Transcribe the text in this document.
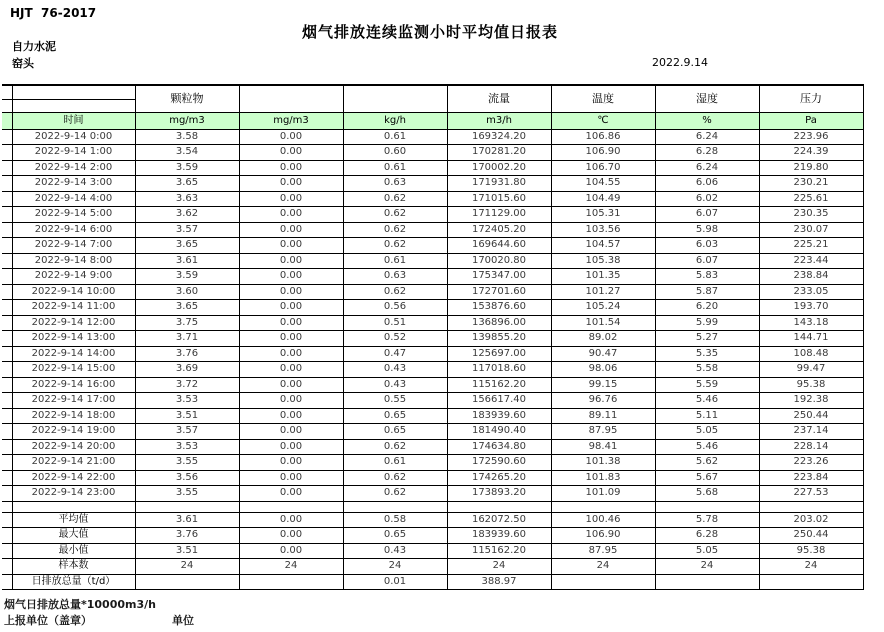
HJT  76-2017
烟气排放连续监测小时平均值日报表
自力水泥
窑头	2022.9.14
		颗粒物			流量	温度	湿度	压力

	时间	mg/m3	mg/m3	kg/h	m3/h	℃	%	Pa
	2022-9-14 0:00	3.58	0.00	0.61	169324.20	106.86	6.24	223.96
	2022-9-14 1:00	3.54	0.00	0.60	170281.20	106.90	6.28	224.39
	2022-9-14 2:00	3.59	0.00	0.61	170002.20	106.70	6.24	219.80
	2022-9-14 3:00	3.65	0.00	0.63	171931.80	104.55	6.06	230.21
	2022-9-14 4:00	3.63	0.00	0.62	171015.60	104.49	6.02	225.61
	2022-9-14 5:00	3.62	0.00	0.62	171129.00	105.31	6.07	230.35
	2022-9-14 6:00	3.57	0.00	0.62	172405.20	103.56	5.98	230.07
	2022-9-14 7:00	3.65	0.00	0.62	169644.60	104.57	6.03	225.21
	2022-9-14 8:00	3.61	0.00	0.61	170020.80	105.38	6.07	223.44
	2022-9-14 9:00	3.59	0.00	0.63	175347.00	101.35	5.83	238.84
	2022-9-14 10:00	3.60	0.00	0.62	172701.60	101.27	5.87	233.05
	2022-9-14 11:00	3.65	0.00	0.56	153876.60	105.24	6.20	193.70
	2022-9-14 12:00	3.75	0.00	0.51	136896.00	101.54	5.99	143.18
	2022-9-14 13:00	3.71	0.00	0.52	139855.20	89.02	5.27	144.71
	2022-9-14 14:00	3.76	0.00	0.47	125697.00	90.47	5.35	108.48
	2022-9-14 15:00	3.69	0.00	0.43	117018.60	98.06	5.58	99.47
	2022-9-14 16:00	3.72	0.00	0.43	115162.20	99.15	5.59	95.38
	2022-9-14 17:00	3.53	0.00	0.55	156617.40	96.76	5.46	192.38
	2022-9-14 18:00	3.51	0.00	0.65	183939.60	89.11	5.11	250.44
	2022-9-14 19:00	3.57	0.00	0.65	181490.40	87.95	5.05	237.14
	2022-9-14 20:00	3.53	0.00	0.62	174634.80	98.41	5.46	228.14
	2022-9-14 21:00	3.55	0.00	0.61	172590.60	101.38	5.62	223.26
	2022-9-14 22:00	3.56	0.00	0.62	174265.20	101.83	5.67	223.84
	2022-9-14 23:00	3.55	0.00	0.62	173893.20	101.09	5.68	227.53

	平均值	3.61	0.00	0.58	162072.50	100.46	5.78	203.02
	最大值	3.76	0.00	0.65	183939.60	106.90	6.28	250.44
	最小值	3.51	0.00	0.43	115162.20	87.95	5.05	95.38
	样本数	24	24	24	24	24	24	24
	日排放总量（t/d）			0.01	388.97			
烟气日排放总量*10000m3/h
上报单位（盖章）	单位
